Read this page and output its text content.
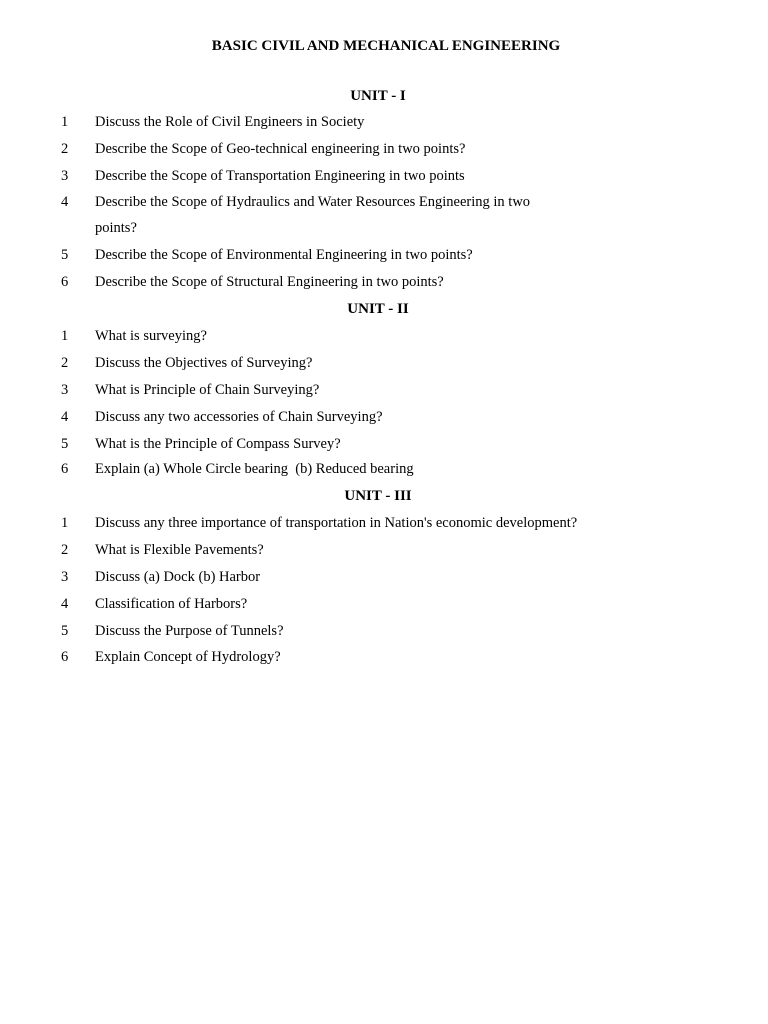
BASIC CIVIL AND MECHANICAL ENGINEERING
UNIT - I
1	Discuss the Role of Civil Engineers in Society
2	Describe the Scope of Geo-technical engineering in two points?
3	Describe the Scope of Transportation Engineering in two points
4	Describe the Scope of Hydraulics and Water Resources Engineering in two points?
5	Describe the Scope of Environmental Engineering in two points?
6	Describe the Scope of Structural Engineering in two points?
UNIT - II
1	What is surveying?
2	Discuss the Objectives of Surveying?
3	What is Principle of Chain Surveying?
4	Discuss any two accessories of Chain Surveying?
5	What is the Principle of Compass Survey?
6	Explain (a) Whole Circle bearing  (b) Reduced bearing
UNIT - III
1	Discuss any three importance of transportation in Nation's economic development?
2	What is Flexible Pavements?
3	Discuss (a) Dock (b) Harbor
4	Classification of Harbors?
5	Discuss the Purpose of Tunnels?
6	Explain Concept of Hydrology?
